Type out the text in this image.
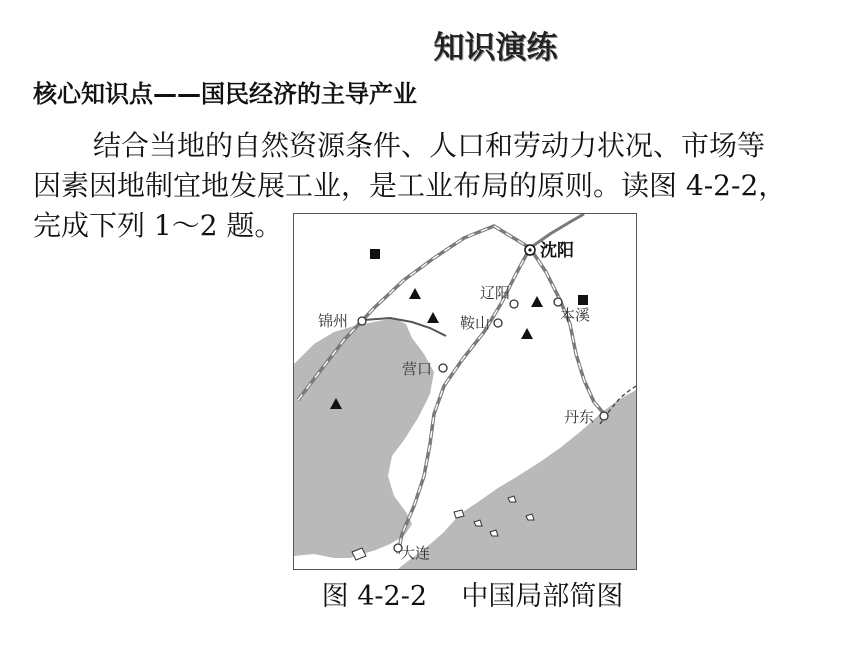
知识演练
核心知识点——国民经济的主导产业
结合当地的自然资源条件、人口和劳动力状况、市场等
因素因地制宜地发展工业，是工业布局的原则。读图 4-2-2，
完成下列 1～2 题。
沈阳
辽阳
本溪
锦州	鞍山
营口
丹东
大连
图 4-2-2    中国局部简图
